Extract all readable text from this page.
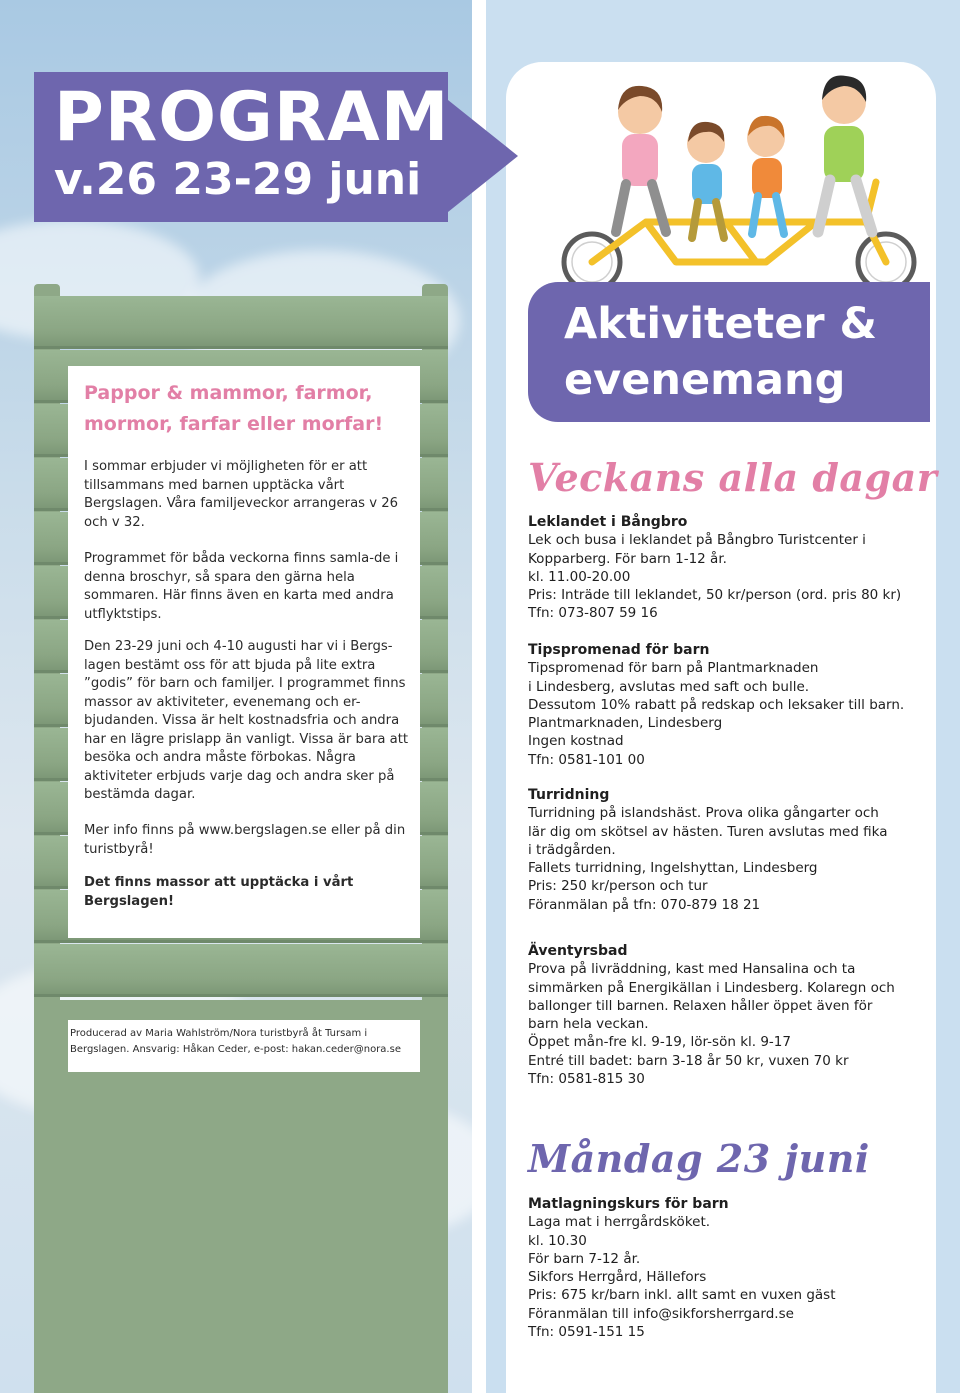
PROGRAM
v.26 23-29 juni

Pappor & mammor, farmor, mormor, farfar eller morfar!

I sommar erbjuder vi möjligheten för er att tillsammans med barnen upptäcka vårt Bergslagen. Våra familjeveckor arrangeras v 26 och v 32.

Programmet för båda veckorna finns samla-de i denna broschyr, så spara den gärna hela sommaren. Här finns även en karta med andra utflyktstips.

Den 23-29 juni och 4-10 augusti har vi i Bergs-lagen bestämt oss för att bjuda på lite extra ”godis” för barn och familjer. I programmet finns massor av aktiviteter, evenemang och er-bjudanden. Vissa är helt kostnadsfria och andra har en lägre prislapp än vanligt. Vissa är bara att besöka och andra måste förbokas. Några aktiviteter erbjuds varje dag och andra sker på bestämda dagar.

Mer info finns på www.bergslagen.se eller på din turistbyrå!

Det finns massor att upptäcka i vårt Bergslagen!

Producerad av Maria Wahlström/Nora turistbyrå åt Tursam i Bergslagen. Ansvarig: Håkan Ceder, e-post: hakan.ceder@nora.se

Aktiviteter &
evenemang
Veckans alla dagar
Måndag 23 juni
Leklandet i Bångbro
Lek och busa i leklandet på Bångbro Turistcenter i
Kopparberg. För barn 1-12 år.
kl. 11.00-20.00
Pris: Inträde till leklandet, 50 kr/person (ord. pris 80 kr)
Tfn: 073-807 59 16
Tipspromenad för barn
Tipspromenad för barn på Plantmarknaden
i Lindesberg, avslutas med saft och bulle.
Dessutom 10% rabatt på redskap och leksaker till barn.
Plantmarknaden, Lindesberg
Ingen kostnad
Tfn: 0581-101 00
Turridning
Turridning på islandshäst. Prova olika gångarter och
lär dig om skötsel av hästen. Turen avslutas med fika
i trädgården.
Fallets turridning, Ingelshyttan, Lindesberg
Pris: 250 kr/person och tur
Föranmälan på tfn: 070-879 18 21
Äventyrsbad
Prova på livräddning, kast med Hansalina och ta
simmärken på Energikällan i Lindesberg. Kolaregn och
ballonger till barnen. Relaxen håller öppet även för
barn hela veckan.
Öppet mån-fre kl. 9-19, lör-sön kl. 9-17
Entré till badet: barn 3-18 år 50 kr, vuxen 70 kr
Tfn: 0581-815 30
Matlagningskurs för barn
Laga mat i herrgårdsköket.
kl. 10.30
För barn 7-12 år.
Sikfors Herrgård, Hällefors
Pris: 675 kr/barn inkl. allt samt en vuxen gäst
Föranmälan till info@sikforsherrgard.se
Tfn: 0591-151 15
